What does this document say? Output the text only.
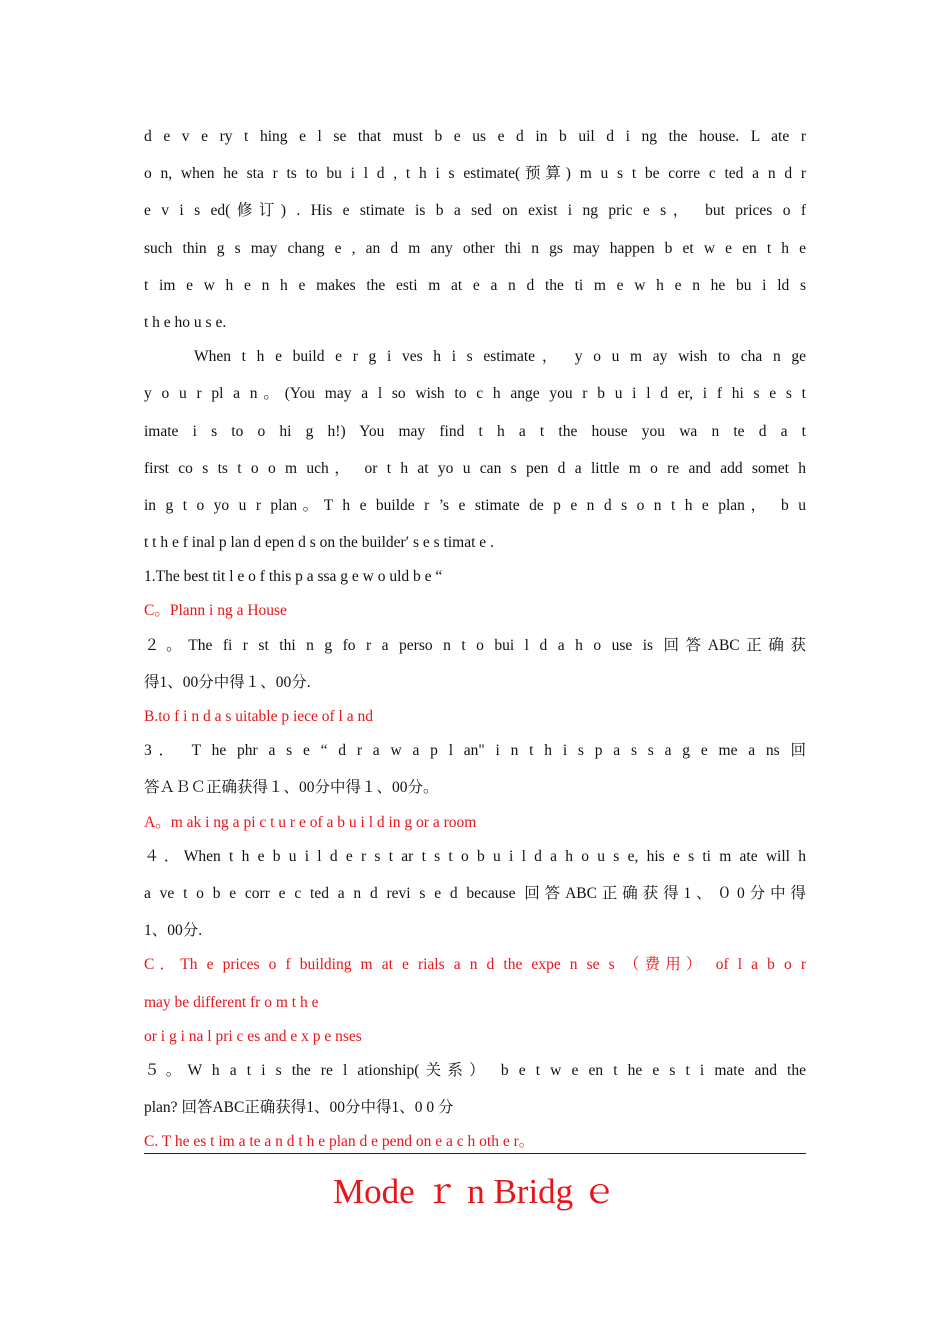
d e v e ry t hing e l se that must b e us e d in b uil d i ng the house. L ate r
o n, when he sta r ts to bu i l d , t h i s estimate(预算) m u s t be corre c ted a n d r
e v i s ed(修订) . His e stimate is b a sed on exist i ng pric e s， but prices o f
such thin g s may chang e , an d m any other thi n gs may happen b et w e en t h e
t im e w h e n h e makes the esti m at e a n d the ti m e w h e n he bu i ld s
t h e ho u s e.
When t h e build e r g i ves h i s estimate， y o u m ay wish to cha n ge
y o u r pl a n。(You may a l so wish to c h ange you r b u i l d er, i f hi s e s t
imate i s to o hi g h!) You may find t h a t the house you wa n te d a t
first co s ts t o o m uch， or t h at yo u can s pen d a little m o re and add somet h
in g t o yo u r plan。T h e builde r ’s e stimate de p e n d s o n t h e plan， b u
t t h e f inal p lan d epen d s on the builder′ s e s timat e .
1.The best tit l e o f this p a ssa g e w o uld b e “
C。Plann i ng a House
２。The fi r st thi n g fo r a perso n t o bui l d a h o use is 回答ABC正确获
得1、00分中得１、00分.
B.to f i n d a s uitable p iece of l a nd
3． T he phr a s e “ d r a w a p l an" i n t h i s p a s s a g e me a ns 回
答ＡＢＣ正确获得１、00分中得１、00分。
A。m ak i ng a pi c t u r e of a b u i l d in g or a room
４．When t h e b u i l d e r s t ar t s t o b u i l d a h o u s e, his e s ti m ate will h
a ve t o b e corr e c ted a n d revi s e d because 回答ABC正确获得1、０0分中得
1、00分.
C．Th e prices o f building m at e rials a n d the expe n se s （费用） of l a b o r
may be different fr o m t h e
or i g i na l pri c es and e x p e nses
５。W h a t i s the re l ationship(关系） b e t w e en t he e s t i mate and the
plan? 回答ABC正确获得1、00分中得1、0 0 分
C. T he es t im a te a n d t h e plan d e pend on e a c h oth e r。
Mode ｒ n Bridg ｅ
